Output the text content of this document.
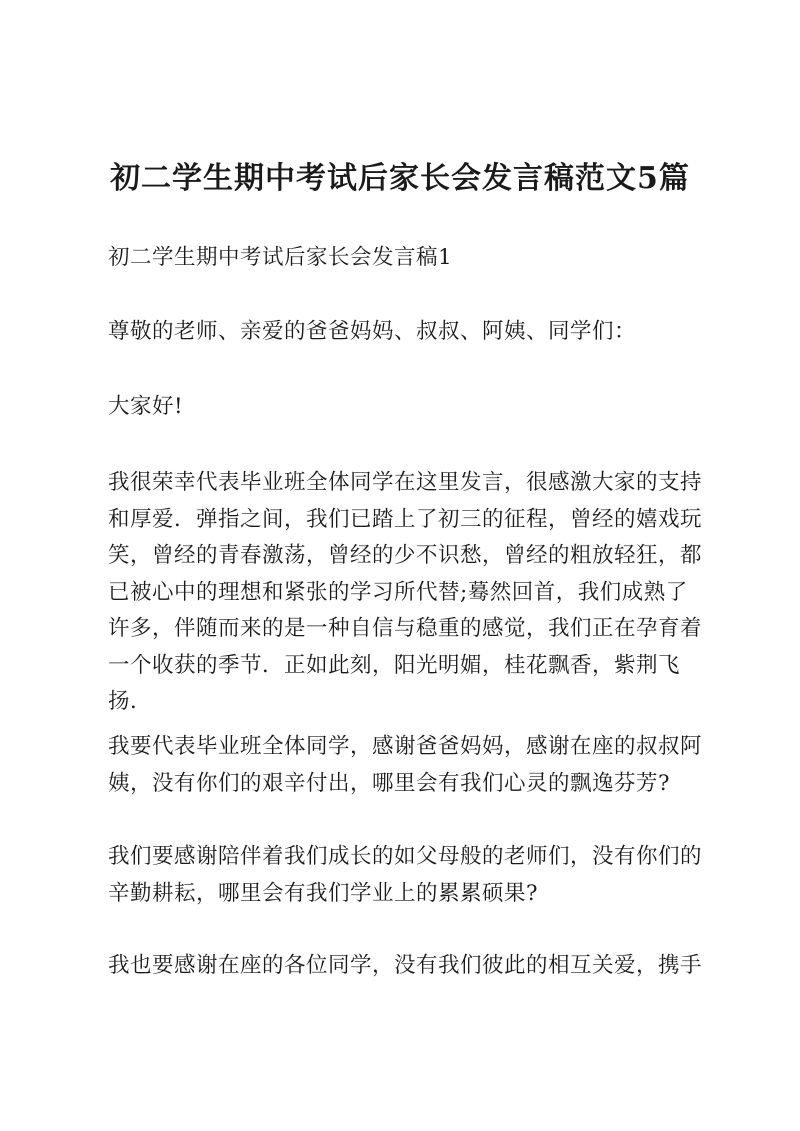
初二学生期中考试后家长会发言稿范文5篇

初二学生期中考试后家长会发言稿1

尊敬的老师、亲爱的爸爸妈妈、叔叔、阿姨、同学们：

大家好!

我很荣幸代表毕业班全体同学在这里发言，很感激大家的支持和厚爱．弹指之间，我们已踏上了初三的征程，曾经的嬉戏玩笑，曾经的青春激荡，曾经的少不识愁，曾经的粗放轻狂，都已被心中的理想和紧张的学习所代替;蓦然回首，我们成熟了许多，伴随而来的是一种自信与稳重的感觉，我们正在孕育着一个收获的季节．正如此刻，阳光明媚，桂花飘香，紫荆飞扬．

我要代表毕业班全体同学，感谢爸爸妈妈，感谢在座的叔叔阿姨，没有你们的艰辛付出，哪里会有我们心灵的飘逸芬芳?

我们要感谢陪伴着我们成长的如父母般的老师们，没有你们的辛勤耕耘，哪里会有我们学业上的累累硕果?

我也要感谢在座的各位同学，没有我们彼此的相互关爱，携手
